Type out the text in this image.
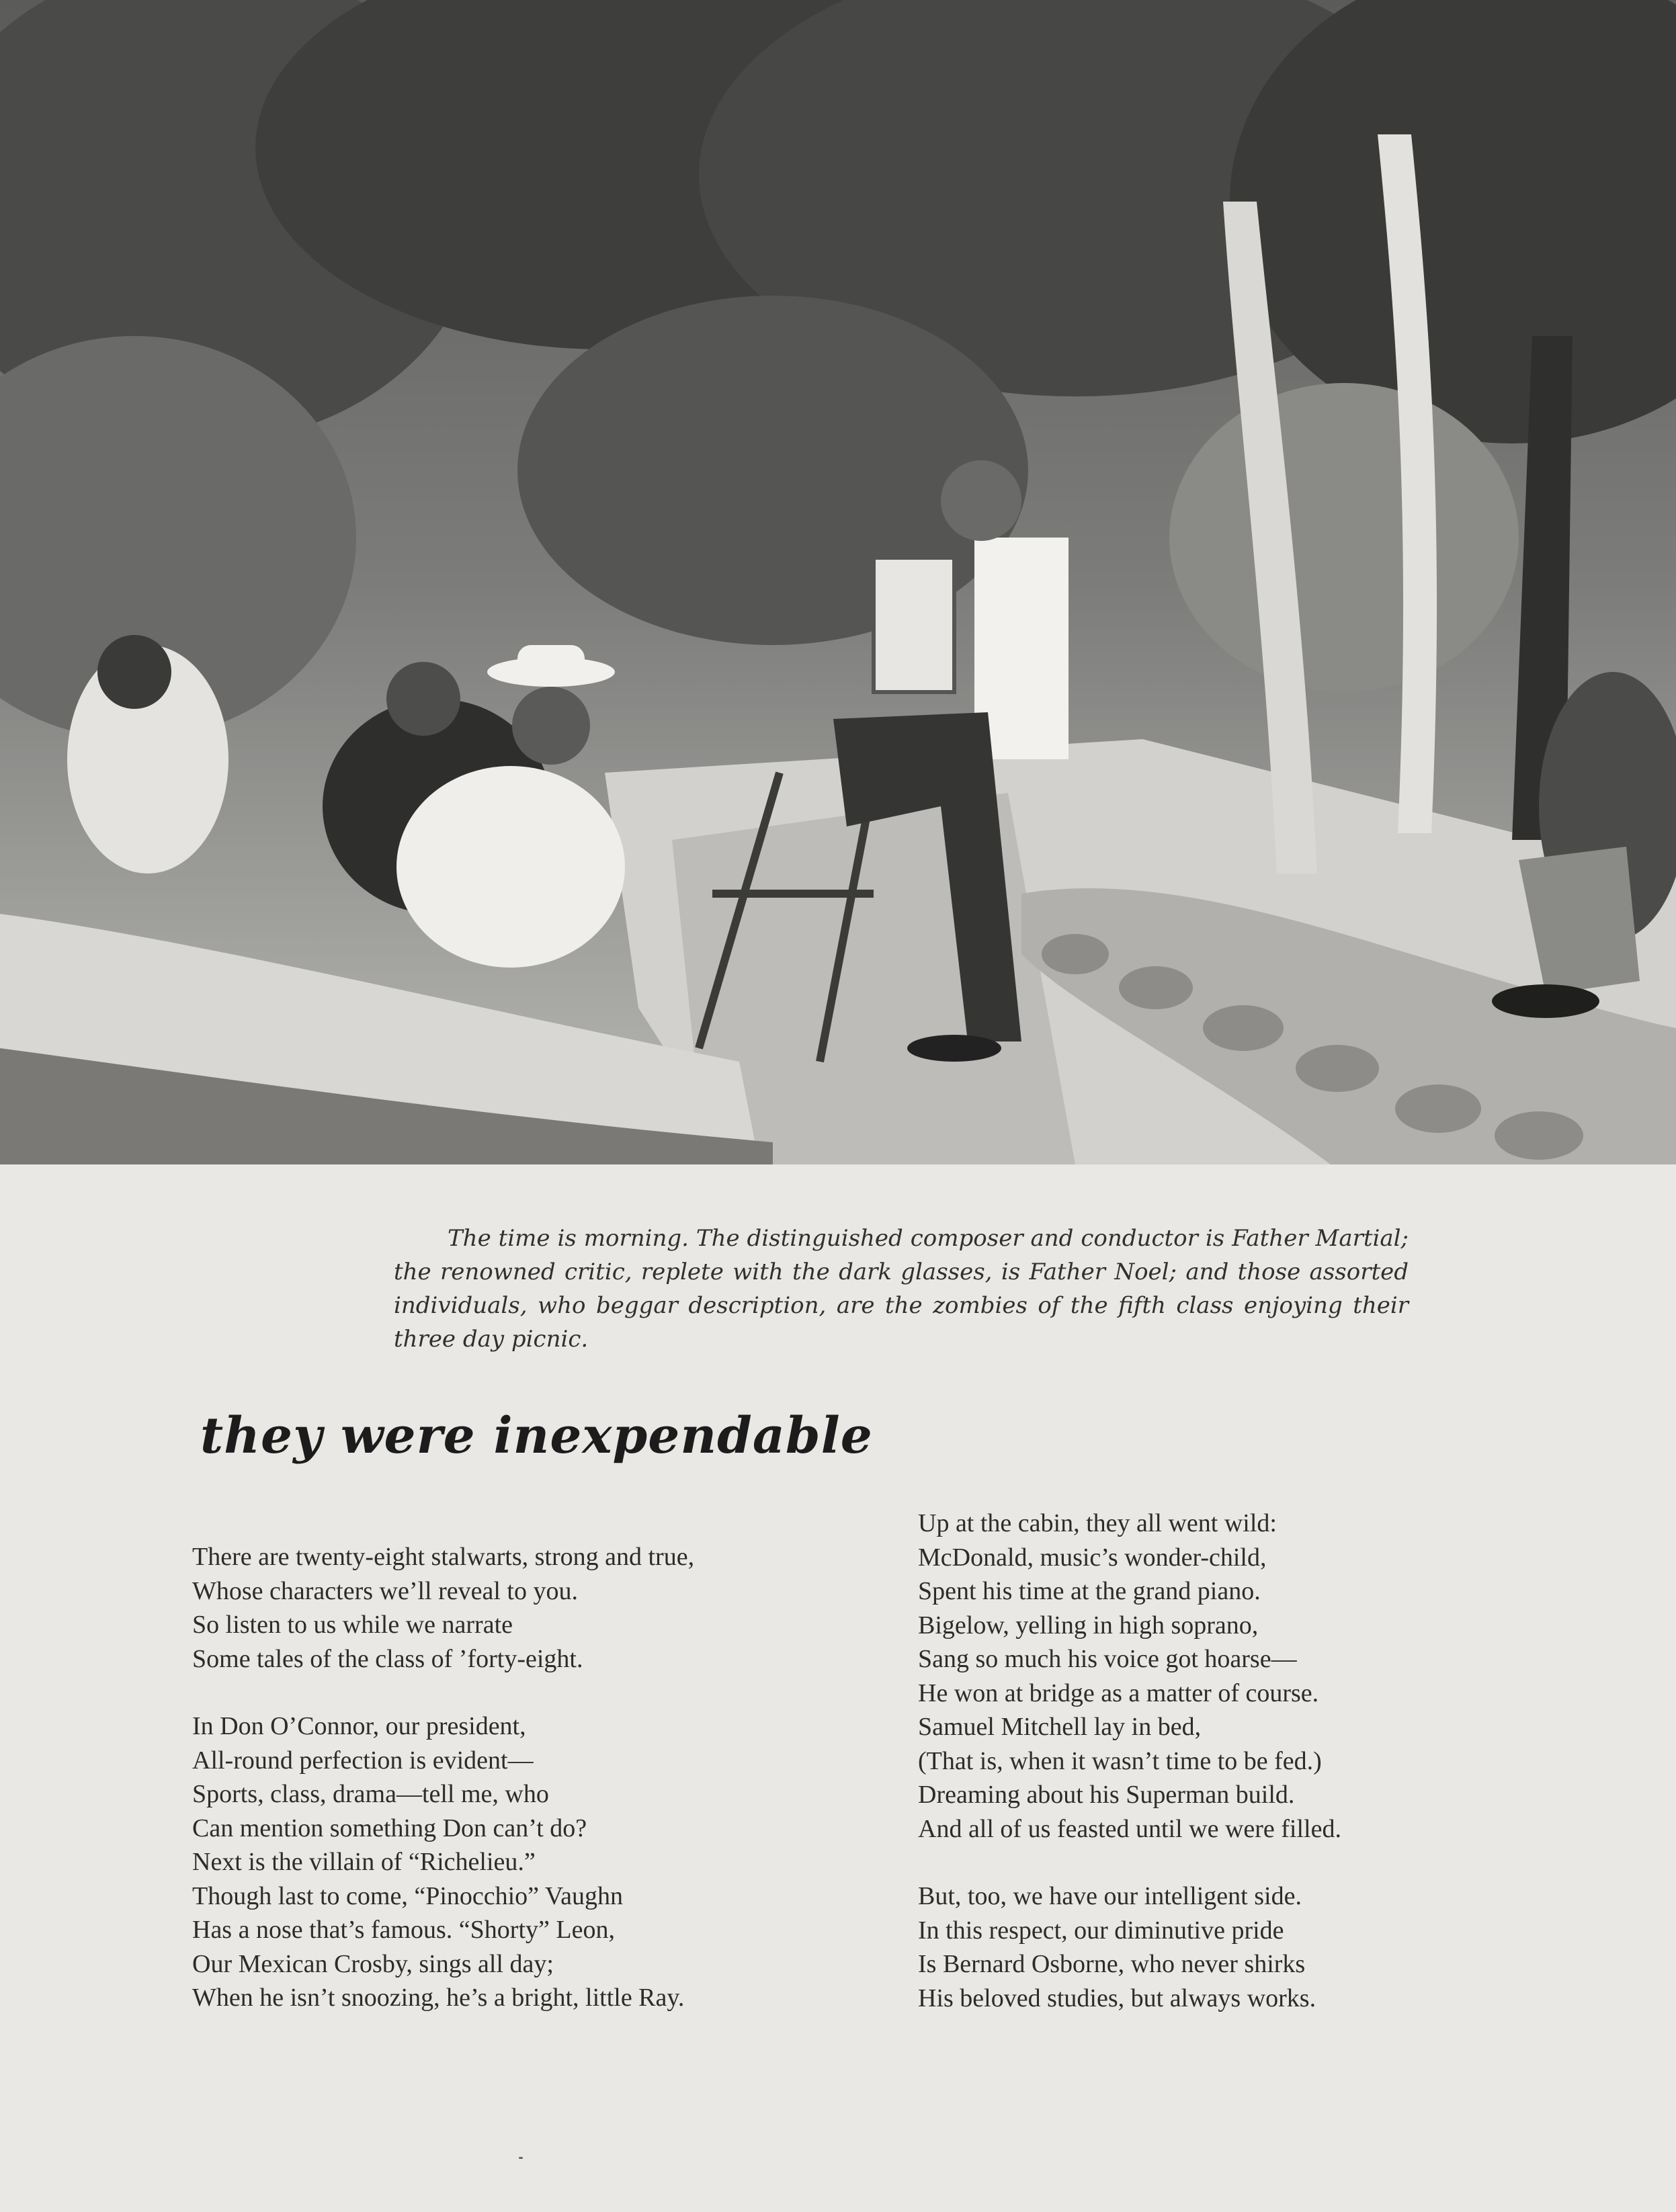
The time is morning. The distinguished composer and conductor is Father Martial; the renowned critic, replete with the dark glasses, is Father Noel; and those assorted individuals, who beggar description, are the zombies of the fifth class enjoying their three day picnic.
they were inexpendable
There are twenty-eight stalwarts, strong and true,
Whose characters we’ll reveal to you.
So listen to us while we narrate
Some tales of the class of ’forty-eight.
In Don O’Connor, our president,
All-round perfection is evident—
Sports, class, drama—tell me, who
Can mention something Don can’t do?
Next is the villain of “Richelieu.”
Though last to come, “Pinocchio” Vaughn
Has a nose that’s famous. “Shorty” Leon,
Our Mexican Crosby, sings all day;
When he isn’t snoozing, he’s a bright, little Ray.
Up at the cabin, they all went wild:
McDonald, music’s wonder-child,
Spent his time at the grand piano.
Bigelow, yelling in high soprano,
Sang so much his voice got hoarse—
He won at bridge as a matter of course.
Samuel Mitchell lay in bed,
(That is, when it wasn’t time to be fed.)
Dreaming about his Superman build.
And all of us feasted until we were filled.
But, too, we have our intelligent side.
In this respect, our diminutive pride
Is Bernard Osborne, who never shirks
His beloved studies, but always works.
